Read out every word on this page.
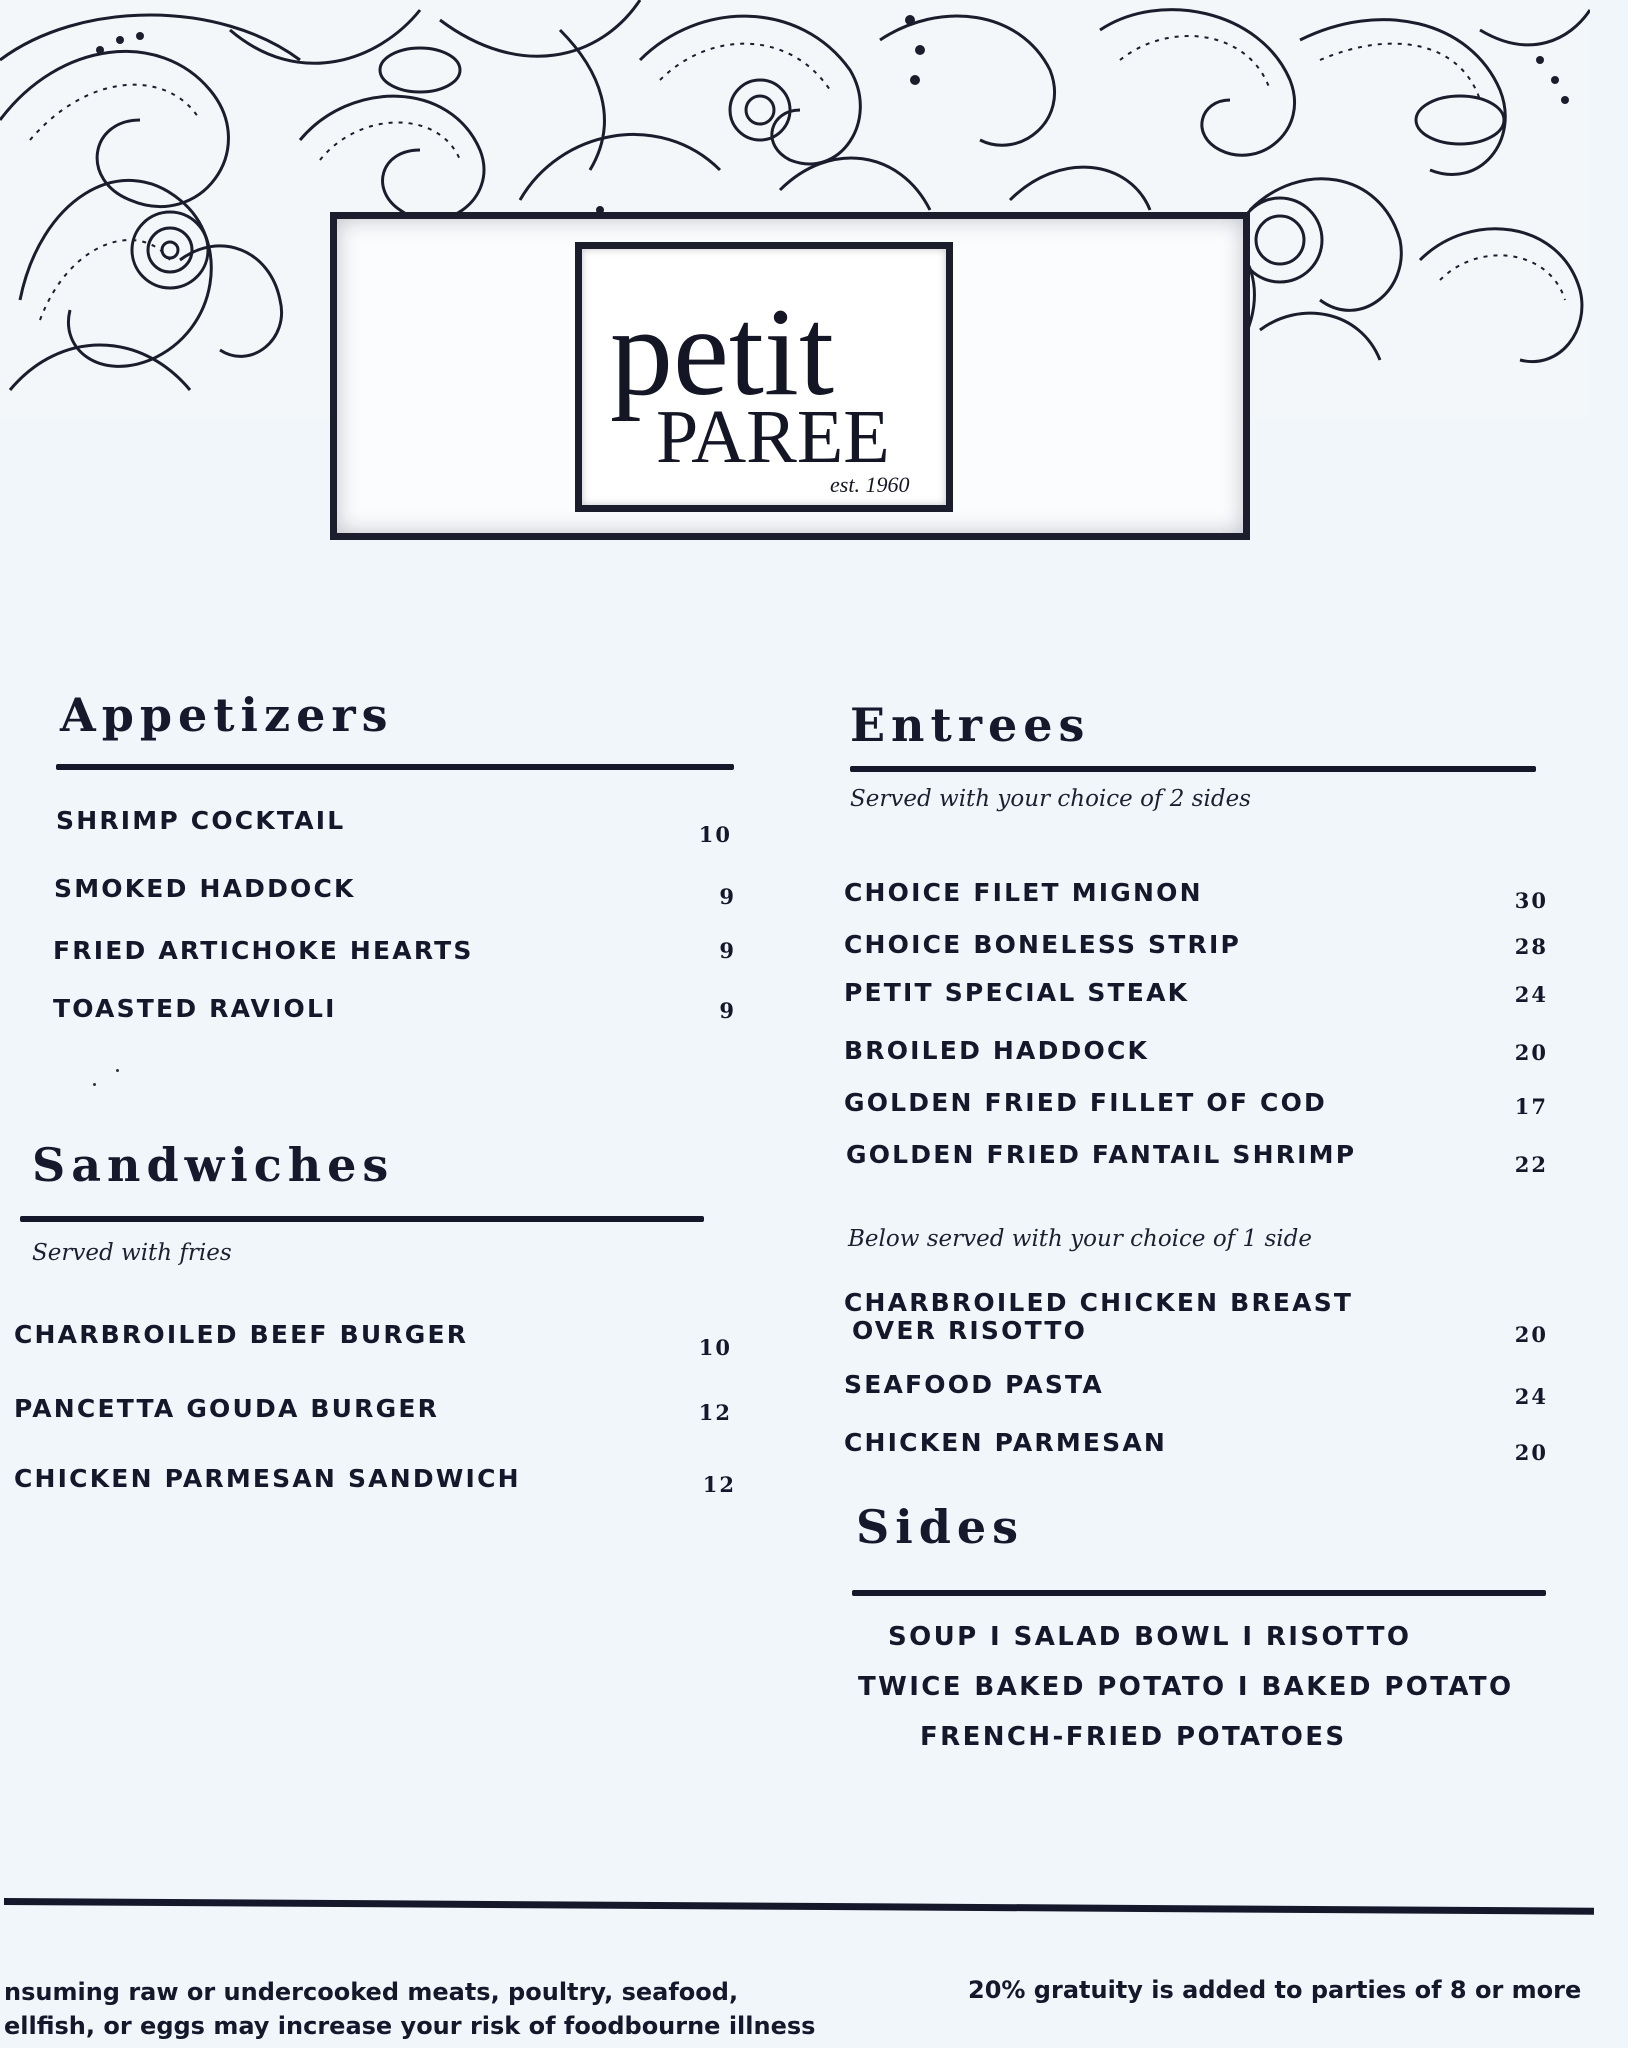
petit
PAREE
est. 1960
Appetizers
SHRIMP COCKTAIL	10
SMOKED HADDOCK	9
FRIED ARTICHOKE HEARTS	9
TOASTED RAVIOLI	9
Sandwiches
Served with fries
CHARBROILED BEEF BURGER	10
PANCETTA GOUDA BURGER	12
CHICKEN PARMESAN SANDWICH	12
Entrees
Served with your choice of 2 sides
CHOICE FILET MIGNON	30
CHOICE BONELESS STRIP	28
PETIT SPECIAL STEAK	24
BROILED HADDOCK	20
GOLDEN FRIED FILLET OF COD	17
GOLDEN FRIED FANTAIL SHRIMP	22
Below served with your choice of 1 side
CHARBROILED CHICKEN BREAST
OVER RISOTTO	20
SEAFOOD PASTA	24
CHICKEN PARMESAN	20
Sides
SOUP I SALAD BOWL I RISOTTO
TWICE BAKED POTATO I BAKED POTATO
FRENCH-FRIED POTATOES
nsuming raw or undercooked meats, poultry, seafood,
ellfish, or eggs may increase your risk of foodbourne illness
20% gratuity is added to parties of 8 or more
